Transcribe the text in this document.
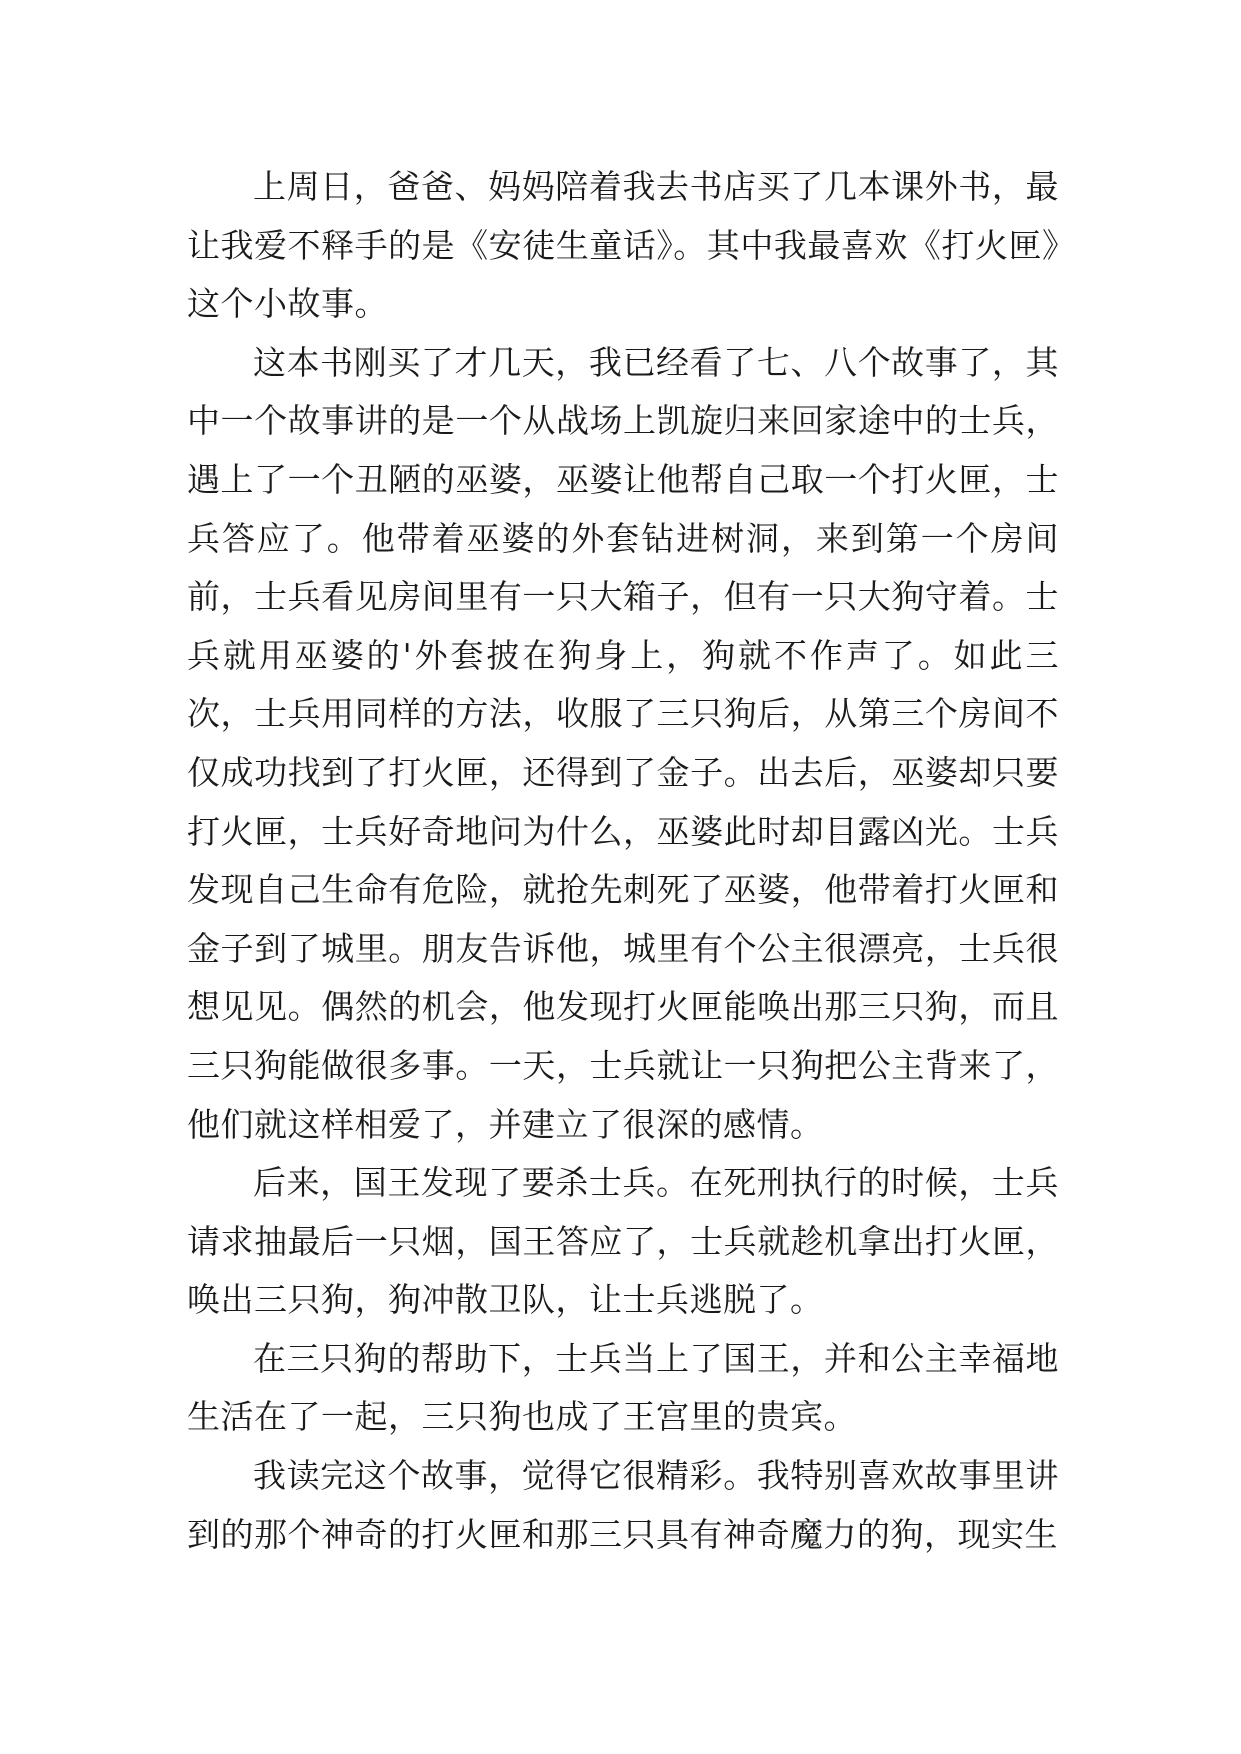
上周日，爸爸、妈妈陪着我去书店买了几本课外书，最让我爱不释手的是《安徒生童话》。其中我最喜欢《打火匣》这个小故事。

这本书刚买了才几天，我已经看了七、八个故事了，其中一个故事讲的是一个从战场上凯旋归来回家途中的士兵，遇上了一个丑陋的巫婆，巫婆让他帮自己取一个打火匣，士兵答应了。他带着巫婆的外套钻进树洞，来到第一个房间前，士兵看见房间里有一只大箱子，但有一只大狗守着。士兵就用巫婆的'外套披在狗身上，狗就不作声了。如此三次，士兵用同样的方法，收服了三只狗后，从第三个房间不仅成功找到了打火匣，还得到了金子。出去后，巫婆却只要打火匣，士兵好奇地问为什么，巫婆此时却目露凶光。士兵发现自己生命有危险，就抢先刺死了巫婆，他带着打火匣和金子到了城里。朋友告诉他，城里有个公主很漂亮，士兵很想见见。偶然的机会，他发现打火匣能唤出那三只狗，而且三只狗能做很多事。一天，士兵就让一只狗把公主背来了，他们就这样相爱了，并建立了很深的感情。

后来，国王发现了要杀士兵。在死刑执行的时候，士兵请求抽最后一只烟，国王答应了，士兵就趁机拿出打火匣，唤出三只狗，狗冲散卫队，让士兵逃脱了。

在三只狗的帮助下，士兵当上了国王，并和公主幸福地生活在了一起，三只狗也成了王宫里的贵宾。

我读完这个故事，觉得它很精彩。我特别喜欢故事里讲到的那个神奇的打火匣和那三只具有神奇魔力的狗，现实生
